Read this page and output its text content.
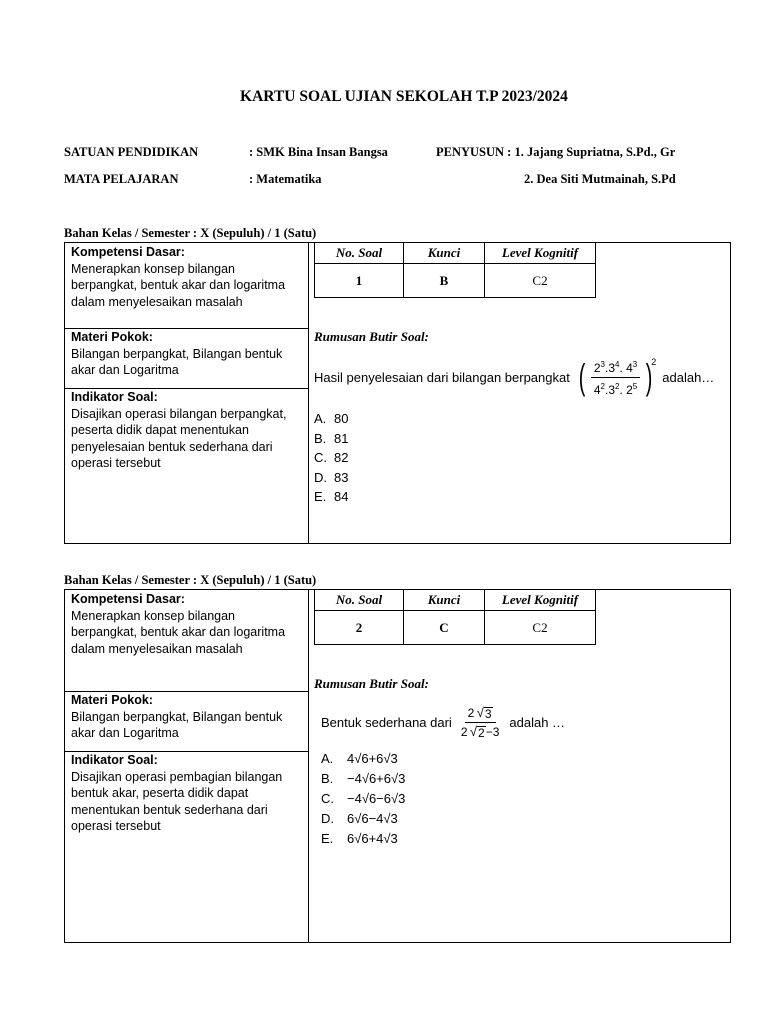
KARTU SOAL UJIAN SEKOLAH T.P 2023/2024
SATUAN PENDIDIKAN	: SMK Bina Insan Bangsa	PENYUSUN : 1. Jajang Supriatna, S.Pd., Gr
MATA PELAJARAN	: Matematika	2. Dea Siti Mutmainah, S.Pd
Bahan Kelas / Semester : X (Sepuluh) / 1 (Satu)
Kompetensi Dasar:
Menerapkan konsep bilangan berpangkat, bentuk akar dan logaritma dalam menyelesaikan masalah
Materi Pokok:
Bilangan berpangkat, Bilangan bentuk akar dan Logaritma
Indikator Soal:
Disajikan operasi bilangan berpangkat, peserta didik dapat menentukan penyelesaian bentuk sederhana dari operasi tersebut
No. Soal	Kunci	Level Kognitif
1	B	C2
Rumusan Butir Soal:
Hasil penyelesaian dari bilangan berpangkat ( $\frac{2^3.3^4. 4^3}{4^2.3^2. 2^5}$ )
2
adalah…
A. 80
B. 81
C. 82
D. 83
E. 84
Bahan Kelas / Semester : X (Sepuluh) / 1 (Satu)
Kompetensi Dasar:
Menerapkan konsep bilangan berpangkat, bentuk akar dan logaritma dalam menyelesaikan masalah
Materi Pokok:
Bilangan berpangkat, Bilangan bentuk akar dan Logaritma
Indikator Soal:
Disajikan operasi pembagian bilangan bentuk akar, peserta didik dapat menentukan bentuk sederhana dari operasi tersebut
No. Soal	Kunci	Level Kognitif
2	C	C2
Rumusan Butir Soal:
Bentuk sederhana dari $\frac{2 √ 3}{2 √ 2 -3}$ adalah …
A.	4√6+6√3
B.	−4√6+6√3
C.	−4√6−6√3
D.	6√6−4√3
E.	6√6+4√3
